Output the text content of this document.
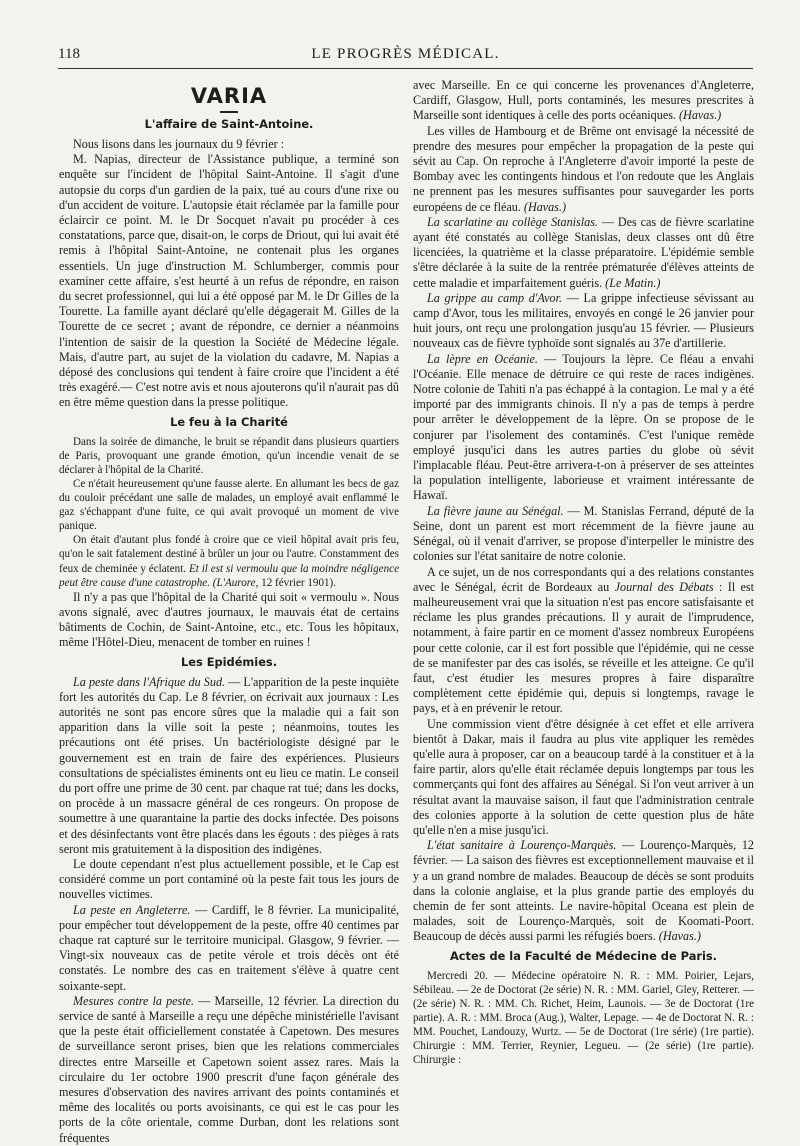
118	LE PROGRÈS MÉDICAL.
VARIA
L'affaire de Saint-Antoine.

Nous lisons dans les journaux du 9 février :

M. Napias, directeur de l'Assistance publique, a terminé son enquête sur l'incident de l'hôpital Saint-Antoine. Il s'agit d'une autopsie du corps d'un gardien de la paix, tué au cours d'une rixe ou d'un accident de voiture. L'autopsie était réclamée par la famille pour éclaircir ce point. M. le Dr Socquet n'avait pu procéder à ces constatations, parce que, disait-on, le corps de Driout, qui lui avait été remis à l'hôpital Saint-Antoine, ne contenait plus les organes essentiels. Un juge d'instruction M. Schlumberger, commis pour examiner cette affaire, s'est heurté à un refus de répondre, en raison du secret professionnel, qui lui a été opposé par M. le Dr Gilles de la Tourette. La famille ayant déclaré qu'elle dégagerait M. Gilles de la Tourette de ce secret ; avant de répondre, ce dernier a néanmoins l'intention de saisir de la question la Société de Médecine légale. Mais, d'autre part, au sujet de la violation du cadavre, M. Napias a déposé des conclusions qui tendent à faire croire que l'incident a été très exagéré.— C'est notre avis et nous ajouterons qu'il n'aurait pas dû en être même question dans la presse politique.

Le feu à la Charité

Dans la soirée de dimanche, le bruit se répandit dans plusieurs quartiers de Paris, provoquant une grande émotion, qu'un incendie venait de se déclarer à l'hôpital de la Charité.

Ce n'était heureusement qu'une fausse alerte. En allumant les becs de gaz du couloir précédant une salle de malades, un employé avait enflammé le gaz s'échappant d'une fuite, ce qui avait provoqué un moment de vive panique.

On était d'autant plus fondé à croire que ce vieil hôpital avait pris feu, qu'on le sait fatalement destiné à brûler un jour ou l'autre. Constamment des feux de cheminée y éclatent. Et il est si vermoulu que la moindre négligence peut être cause d'une catastrophe. (L'Aurore, 12 février 1901).

Il n'y a pas que l'hôpital de la Charité qui soit « vermoulu ». Nous avons signalé, avec d'autres journaux, le mauvais état de certains bâtiments de Cochin, de Saint-Antoine, etc., etc. Tous les hôpitaux, même l'Hôtel-Dieu, menacent de tomber en ruines !

Les Epidémies.

La peste dans l'Afrique du Sud. — L'apparition de la peste inquiète fort les autorités du Cap. Le 8 février, on écrivait aux journaux : Les autorités ne sont pas encore sûres que la maladie qui a fait son apparition dans la ville soit la peste ; néanmoins, toutes les précautions ont été prises. Un bactériologiste désigné par le gouvernement est en train de faire des expériences. Plusieurs consultations de spécialistes éminents ont eu lieu ce matin. Le conseil du port offre une prime de 30 cent. par chaque rat tué; dans les docks, on procède à un massacre général de ces rongeurs. On propose de soumettre à une quarantaine la partie des docks infectée. Des poisons et des désinfectants vont être placés dans les égouts : des pièges à rats seront mis gratuitement à la disposition des indigènes.

Le doute cependant n'est plus actuellement possible, et le Cap est considéré comme un port contaminé où la peste fait tous les jours de nouvelles victimes.

La peste en Angleterre. — Cardiff, le 8 février. La municipalité, pour empêcher tout développement de la peste, offre 40 centimes par chaque rat capturé sur le territoire municipal. Glasgow, 9 février. — Vingt-six nouveaux cas de petite vérole et trois décès ont été constatés. Le nombre des cas en traitement s'élève à quatre cent soixante-sept.

Mesures contre la peste. — Marseille, 12 février. La direction du service de santé à Marseille a reçu une dépêche ministérielle l'avisant que la peste était officiellement constatée à Capetown. Des mesures de surveillance seront prises, bien que les relations commerciales directes entre Marseille et Capetown soient assez rares. Mais la circulaire du 1er octobre 1900 prescrit d'une façon générale des mesures d'observation des navires arrivant des points contaminés et même des localités ou ports avoisinants, ce qui est le cas pour les ports de la côte orientale, comme Durban, dont les relations sont fréquentes

avec Marseille. En ce qui concerne les provenances d'Angleterre, Cardiff, Glasgow, Hull, ports contaminés, les mesures prescrites à Marseille sont identiques à celle des ports océaniques. (Havas.)

Les villes de Hambourg et de Brême ont envisagé la nécessité de prendre des mesures pour empêcher la propagation de la peste qui sévit au Cap. On reproche à l'Angleterre d'avoir importé la peste de Bombay avec les contingents hindous et l'on redoute que les Anglais ne prennent pas les mesures suffisantes pour sauvegarder les ports européens de ce fléau. (Havas.)

La scarlatine au collège Stanislas. — Des cas de fièvre scarlatine ayant été constatés au collège Stanislas, deux classes ont dû être licenciées, la quatrième et la classe préparatoire. L'épidémie semble s'être déclarée à la suite de la rentrée prématurée d'élèves atteints de cette maladie et imparfaitement guéris. (Le Matin.)

La grippe au camp d'Avor. — La grippe infectieuse sévissant au camp d'Avor, tous les militaires, envoyés en congé le 26 janvier pour huit jours, ont reçu une prolongation jusqu'au 15 février. — Plusieurs nouveaux cas de fièvre typhoïde sont signalés au 37e d'artillerie.

La lèpre en Océanie. — Toujours la lèpre. Ce fléau a envahi l'Océanie. Elle menace de détruire ce qui reste de races indigènes. Notre colonie de Tahiti n'a pas échappé à la contagion. Le mal y a été importé par des immigrants chinois. Il n'y a pas de temps à perdre pour arrêter le développement de la lèpre. On se propose de le conjurer par l'isolement des contaminés. C'est l'unique remède employé jusqu'ici dans les autres parties du globe où sévit l'implacable fléau. Peut-être arrivera-t-on à préserver de ses atteintes la population intelligente, laborieuse et vraiment intéressante de Hawaï.

La fièvre jaune au Sénégal. — M. Stanislas Ferrand, député de la Seine, dont un parent est mort récemment de la fièvre jaune au Sénégal, où il venait d'arriver, se propose d'interpeller le ministre des colonies sur l'état sanitaire de notre colonie.

A ce sujet, un de nos correspondants qui a des relations constantes avec le Sénégal, écrit de Bordeaux au Journal des Débats : Il est malheureusement vrai que la situation n'est pas encore satisfaisante et réclame les plus grandes précautions. Il y aurait de l'imprudence, notamment, à faire partir en ce moment d'assez nombreux Européens pour cette colonie, car il est fort possible que l'épidémie, qui ne cesse de se manifester par des cas isolés, se réveille et les atteigne. Ce qu'il faut, c'est étudier les mesures propres à faire disparaître complètement cette épidémie qui, depuis si longtemps, ravage le pays, et à en prévenir le retour.

Une commission vient d'être désignée à cet effet et elle arrivera bientôt à Dakar, mais il faudra au plus vite appliquer les remèdes qu'elle aura à proposer, car on a beaucoup tardé à la constituer et à la faire partir, alors qu'elle était réclamée depuis longtemps par tous les commerçants qui font des affaires au Sénégal. Si l'on veut arriver à un résultat avant la mauvaise saison, il faut que l'administration centrale des colonies apporte à la solution de cette question plus de hâte qu'elle n'en a mise jusqu'ici.

L'état sanitaire à Lourenço-Marquès. — Lourenço-Marquès, 12 février. — La saison des fièvres est exceptionnellement mauvaise et il y a un grand nombre de malades. Beaucoup de décès se sont produits dans la colonie anglaise, et la plus grande partie des employés du chemin de fer sont atteints. Le navire-hôpital Oceana est plein de malades, soit de Lourenço-Marquès, soit de Koomati-Poort. Beaucoup de décès aussi parmi les réfugiés boers. (Havas.)

Actes de la Faculté de Médecine de Paris.

Mercredi 20. — Médecine opératoire N. R. : MM. Poirier, Lejars, Sébileau. — 2e de Doctorat (2e série) N. R. : MM. Gariel, Gley, Retterer. — (2e série) N. R. : MM. Ch. Richet, Heim, Launois. — 3e de Doctorat (1re partie). A. R. : MM. Broca (Aug.), Walter, Lepage. — 4e de Doctorat N. R. : MM. Pouchet, Landouzy, Wurtz. — 5e de Doctorat (1re série) (1re partie). Chirurgie : MM. Terrier, Reynier, Legueu. — (2e série) (1re partie). Chirurgie :
